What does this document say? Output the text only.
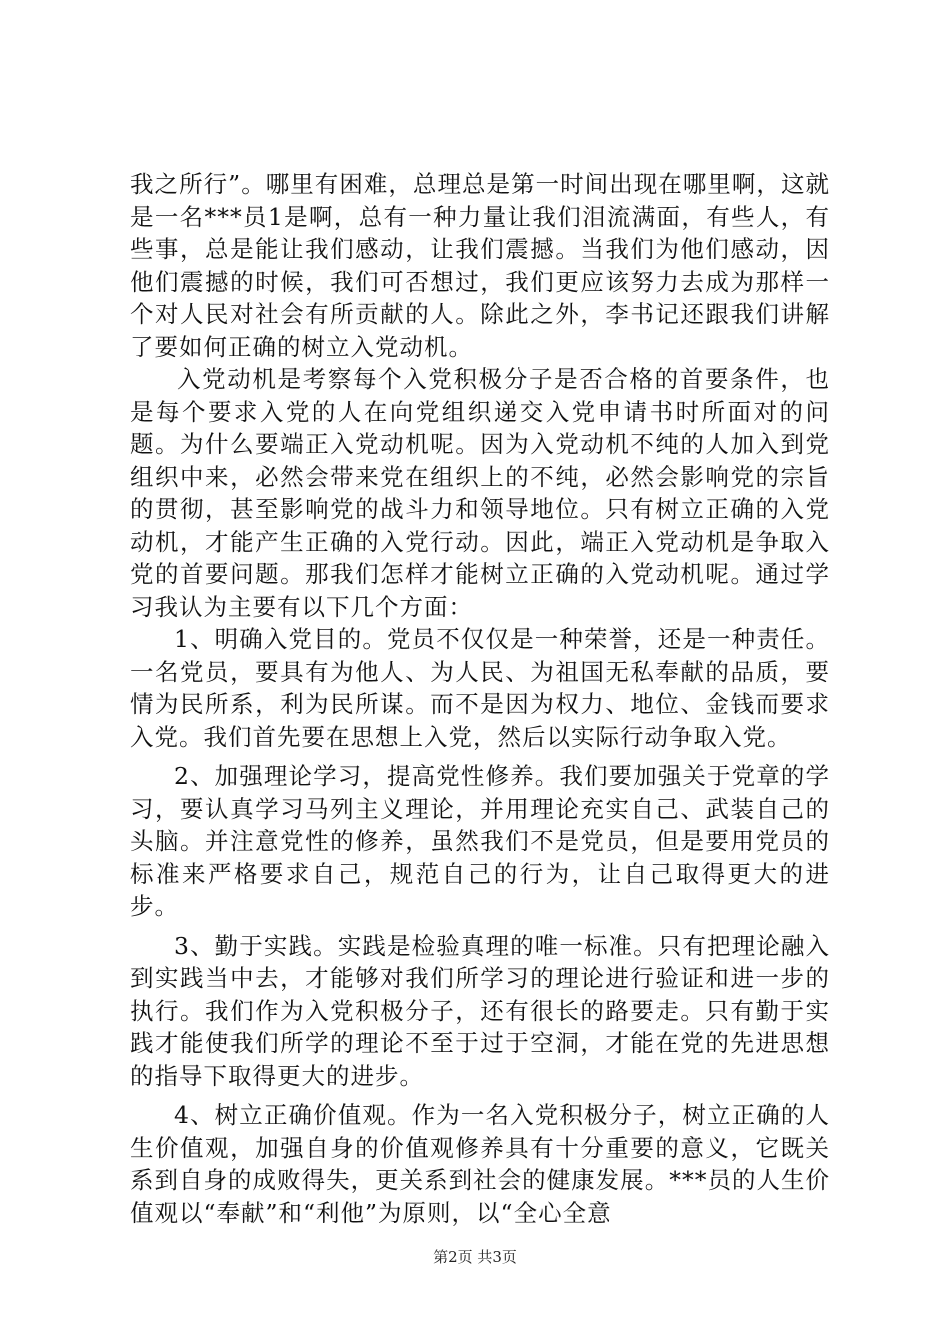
我之所行”。哪里有困难，总理总是第一时间出现在哪里啊，这就是一名***员1是啊，总有一种力量让我们泪流满面，有些人，有些事，总是能让我们感动，让我们震撼。当我们为他们感动，因他们震撼的时候，我们可否想过，我们更应该努力去成为那样一个对人民对社会有所贡献的人。除此之外，李书记还跟我们讲解了要如何正确的树立入党动机。

入党动机是考察每个入党积极分子是否合格的首要条件，也是每个要求入党的人在向党组织递交入党申请书时所面对的问题。为什么要端正入党动机呢。因为入党动机不纯的人加入到党组织中来，必然会带来党在组织上的不纯，必然会影响党的宗旨的贯彻，甚至影响党的战斗力和领导地位。只有树立正确的入党动机，才能产生正确的入党行动。因此，端正入党动机是争取入党的首要问题。那我们怎样才能树立正确的入党动机呢。通过学习我认为主要有以下几个方面：

1、明确入党目的。党员不仅仅是一种荣誉，还是一种责任。一名党员，要具有为他人、为人民、为祖国无私奉献的品质，要情为民所系，利为民所谋。而不是因为权力、地位、金钱而要求入党。我们首先要在思想上入党，然后以实际行动争取入党。

2、加强理论学习，提高党性修养。我们要加强关于党章的学习，要认真学习马列主义理论，并用理论充实自己、武装自己的头脑。并注意党性的修养，虽然我们不是党员，但是要用党员的标准来严格要求自己，规范自己的行为，让自己取得更大的进步。

3、勤于实践。实践是检验真理的唯一标准。只有把理论融入到实践当中去，才能够对我们所学习的理论进行验证和进一步的执行。我们作为入党积极分子，还有很长的路要走。只有勤于实践才能使我们所学的理论不至于过于空洞，才能在党的先进思想的指导下取得更大的进步。

4、树立正确价值观。作为一名入党积极分子，树立正确的人生价值观，加强自身的价值观修养具有十分重要的意义，它既关系到自身的成败得失，更关系到社会的健康发展。***员的人生价值观以“奉献”和“利他”为原则，以“全心全意

第2页 共3页
